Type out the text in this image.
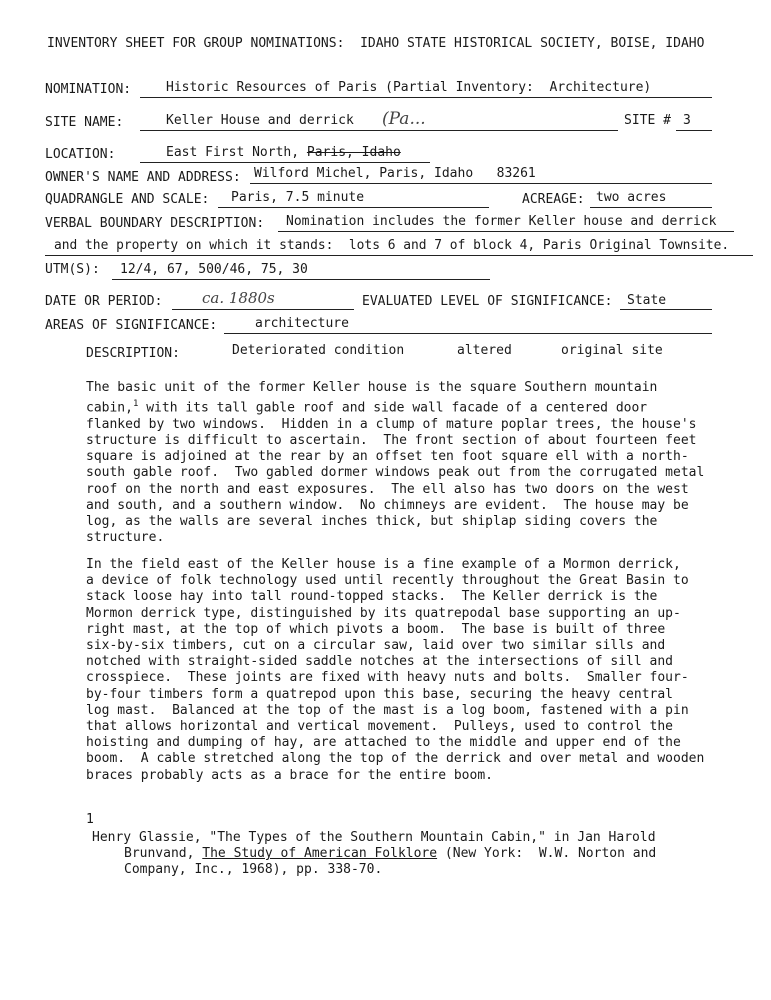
INVENTORY SHEET FOR GROUP NOMINATIONS:  IDAHO STATE HISTORICAL SOCIETY, BOISE, IDAHO
NOMINATION:	Historic Resources of Paris (Partial Inventory:  Architecture)
SITE NAME:	Keller House and derrick (Pa...	SITE # 3
LOCATION:	East First North, Paris, Idaho
OWNER'S NAME AND ADDRESS: Wilford Michel, Paris, Idaho   83261
QUADRANGLE AND SCALE: Paris, 7.5 minute	ACREAGE: two acres
VERBAL BOUNDARY DESCRIPTION: Nomination includes the former Keller house and derrick
and the property on which it stands:  lots 6 and 7 of block 4, Paris Original Townsite.
UTM(S): 12/4, 67, 500/46, 75, 30
DATE OR PERIOD:	ca. 1880s	EVALUATED LEVEL OF SIGNIFICANCE: State
AREAS OF SIGNIFICANCE:	architecture
DESCRIPTION:	Deteriorated condition	altered	original site

The basic unit of the former Keller house is the square Southern mountain
cabin,$^1$ with its tall gable roof and side wall facade of a centered door
flanked by two windows.  Hidden in a clump of mature poplar trees, the house's
structure is difficult to ascertain.  The front section of about fourteen feet
square is adjoined at the rear by an offset ten foot square ell with a north-
south gable roof.  Two gabled dormer windows peak out from the corrugated metal
roof on the north and east exposures.  The ell also has two doors on the west
and south, and a southern window.  No chimneys are evident.  The house may be
log, as the walls are several inches thick, but shiplap siding covers the
structure.

In the field east of the Keller house is a fine example of a Mormon derrick,
a device of folk technology used until recently throughout the Great Basin to
stack loose hay into tall round-topped stacks.  The Keller derrick is the
Mormon derrick type, distinguished by its quatrepodal base supporting an up-
right mast, at the top of which pivots a boom.  The base is built of three
six-by-six timbers, cut on a circular saw, laid over two similar sills and
notched with straight-sided saddle notches at the intersections of sill and
crosspiece.  These joints are fixed with heavy nuts and bolts.  Smaller four-
by-four timbers form a quatrepod upon this base, securing the heavy central
log mast.  Balanced at the top of the mast is a log boom, fastened with a pin
that allows horizontal and vertical movement.  Pulleys, used to control the
hoisting and dumping of hay, are attached to the middle and upper end of the
boom.  A cable stretched along the top of the derrick and over metal and wooden
braces probably acts as a brace for the entire boom.

1
Henry Glassie, "The Types of the Southern Mountain Cabin," in Jan Harold
Brunvand, The Study of American Folklore (New York:  W.W. Norton and
Company, Inc., 1968), pp. 338-70.
